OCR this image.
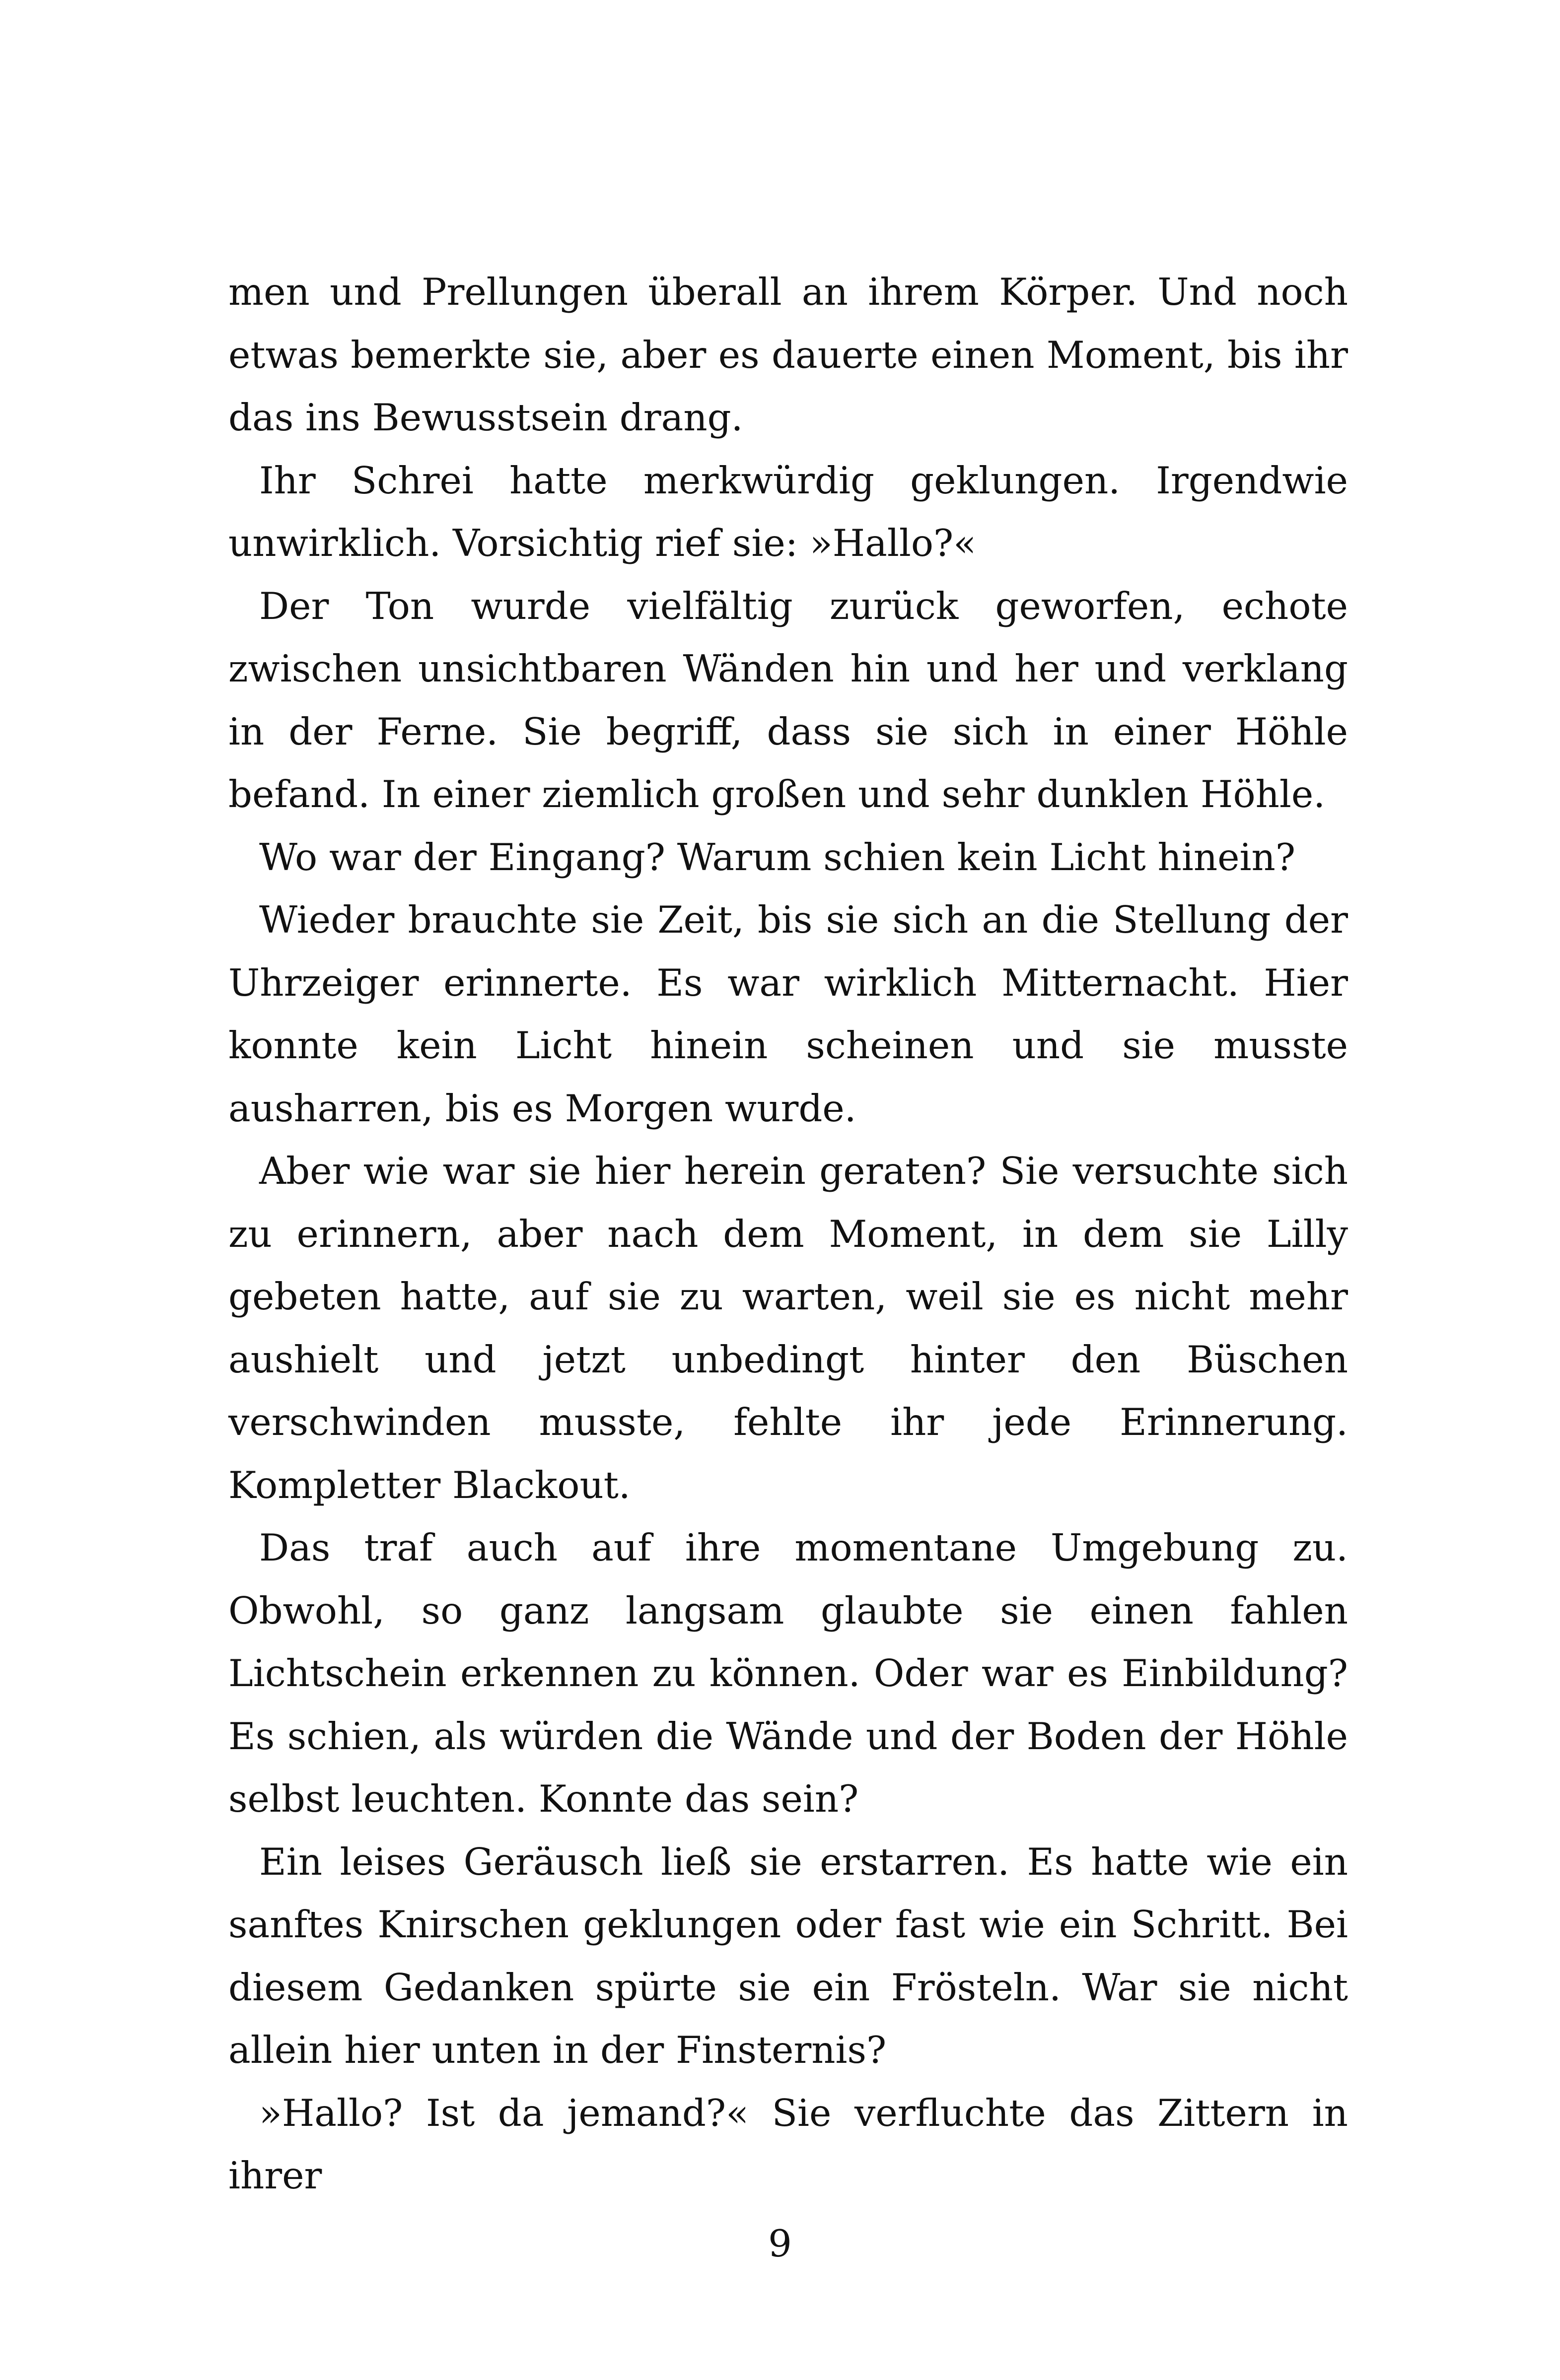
men und Prellungen überall an ihrem Körper. Und noch etwas bemerkte sie, aber es dauerte einen Moment, bis ihr das ins Bewusstsein drang.

Ihr Schrei hatte merkwürdig geklungen. Irgendwie unwirklich. Vorsichtig rief sie: »Hallo?«

Der Ton wurde vielfältig zurück geworfen, echote zwischen unsichtbaren Wänden hin und her und verklang in der Ferne. Sie begriff, dass sie sich in einer Höhle befand. In einer ziemlich großen und sehr dunklen Höhle.

Wo war der Eingang? Warum schien kein Licht hinein?

Wieder brauchte sie Zeit, bis sie sich an die Stellung der Uhrzeiger erinnerte. Es war wirklich Mitternacht. Hier konnte kein Licht hinein scheinen und sie musste ausharren, bis es Morgen wurde.

Aber wie war sie hier herein geraten? Sie versuchte sich zu erinnern, aber nach dem Moment, in dem sie Lilly gebeten hatte, auf sie zu warten, weil sie es nicht mehr aushielt und jetzt unbedingt hinter den Büschen verschwinden musste, fehlte ihr jede Erinnerung. Kompletter Blackout.

Das traf auch auf ihre momentane Umgebung zu. Obwohl, so ganz langsam glaubte sie einen fahlen Lichtschein erkennen zu können. Oder war es Einbildung? Es schien, als würden die Wände und der Boden der Höhle selbst leuchten. Konnte das sein?

Ein leises Geräusch ließ sie erstarren. Es hatte wie ein sanftes Knirschen geklungen oder fast wie ein Schritt. Bei diesem Gedanken spürte sie ein Frösteln. War sie nicht allein hier unten in der Finsternis?

»Hallo? Ist da jemand?« Sie verfluchte das Zittern in ihrer

9
